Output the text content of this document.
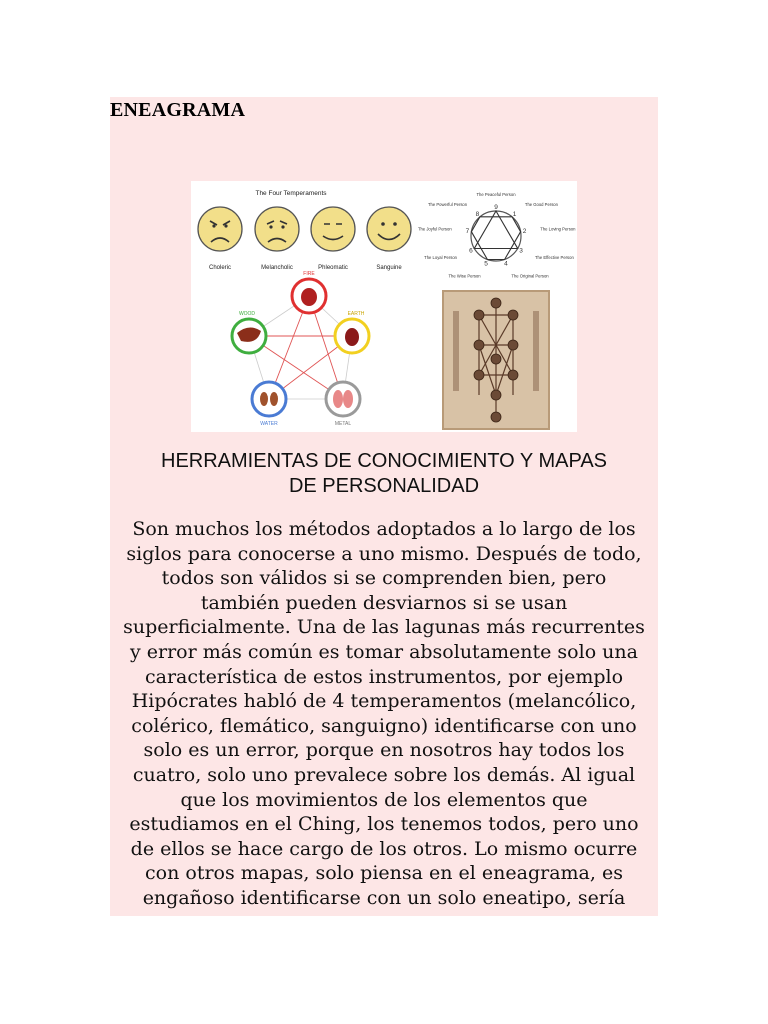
ENEAGRAMA
The Four Temperaments
Choleric	Melancholic	Phleomatic	Sanguine
FIRE
EARTH
METAL
WATER
WOOD
9
The Peaceful Person
1
The Good Person
2	The Loving Person
3
The Effective Person
4
The Original Person
5
The Wise Person
6
The Loyal Person
7
The Joyful Person
8
The Powerful Person
HERRAMIENTAS DE CONOCIMIENTO Y MAPAS
DE PERSONALIDAD
Son muchos los métodos adoptados a lo largo de los
siglos para conocerse a uno mismo. Después de todo,
todos son válidos si se comprenden bien, pero
también pueden desviarnos si se usan
superficialmente. Una de las lagunas más recurrentes
y error más común es tomar absolutamente solo una
característica de estos instrumentos, por ejemplo
Hipócrates habló de 4 temperamentos (melancólico,
colérico, flemático, sanguigno) identificarse con uno
solo es un error, porque en nosotros hay todos los
cuatro, solo uno prevalece sobre los demás. Al igual
que los movimientos de los elementos que
estudiamos en el Ching, los tenemos todos, pero uno
de ellos se hace cargo de los otros. Lo mismo ocurre
con otros mapas, solo piensa en el eneagrama, es
engañoso identificarse con un solo eneatipo, sería
